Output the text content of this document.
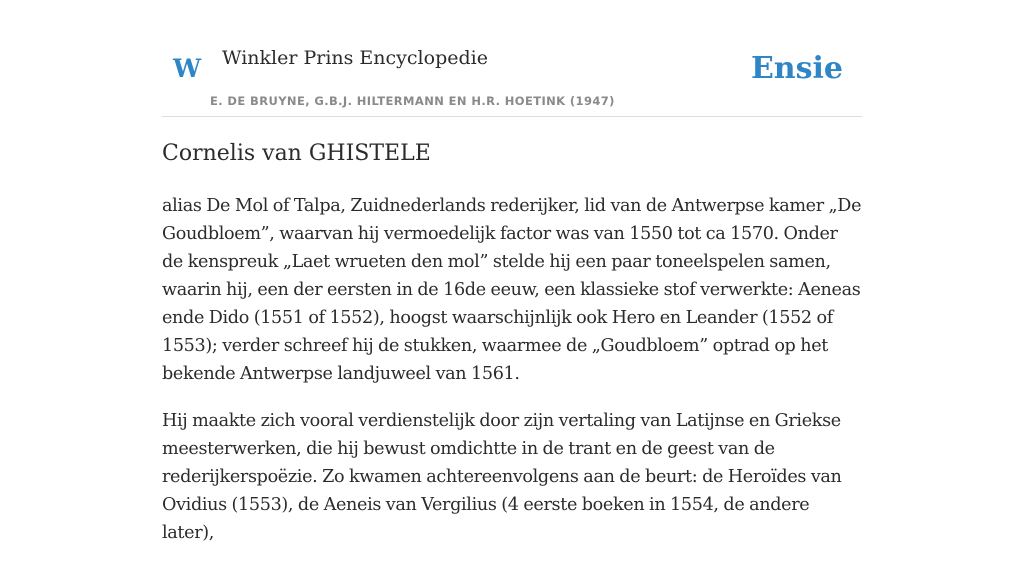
W Winkler Prins Encyclopedie	Ensie
E. DE BRUYNE, G.B.J. HILTERMANN EN H.R. HOETINK (1947)
Cornelis van GHISTELE

alias De Mol of Talpa, Zuidnederlands rederijker, lid van de Antwerpse kamer „De Goudbloem”, waarvan hij vermoedelijk factor was van 1550 tot ca 1570. Onder de kenspreuk „Laet wrueten den mol” stelde hij een paar toneelspelen samen, waarin hij, een der eersten in de 16de eeuw, een klassieke stof verwerkte: Aeneas ende Dido (1551 of 1552), hoogst waarschijnlijk ook Hero en Leander (1552 of 1553); verder schreef hij de stukken, waarmee de „Goudbloem” optrad op het bekende Antwerpse landjuweel van 1561.

Hij maakte zich vooral verdienstelijk door zijn vertaling van Latijnse en Griekse meesterwerken, die hij bewust omdichtte in de trant en de geest van de rederijkerspoëzie. Zo kwamen achtereenvolgens aan de beurt: de Heroïdes van Ovidius (1553), de Aeneis van Vergilius (4 eerste boeken in 1554, de andere later),
